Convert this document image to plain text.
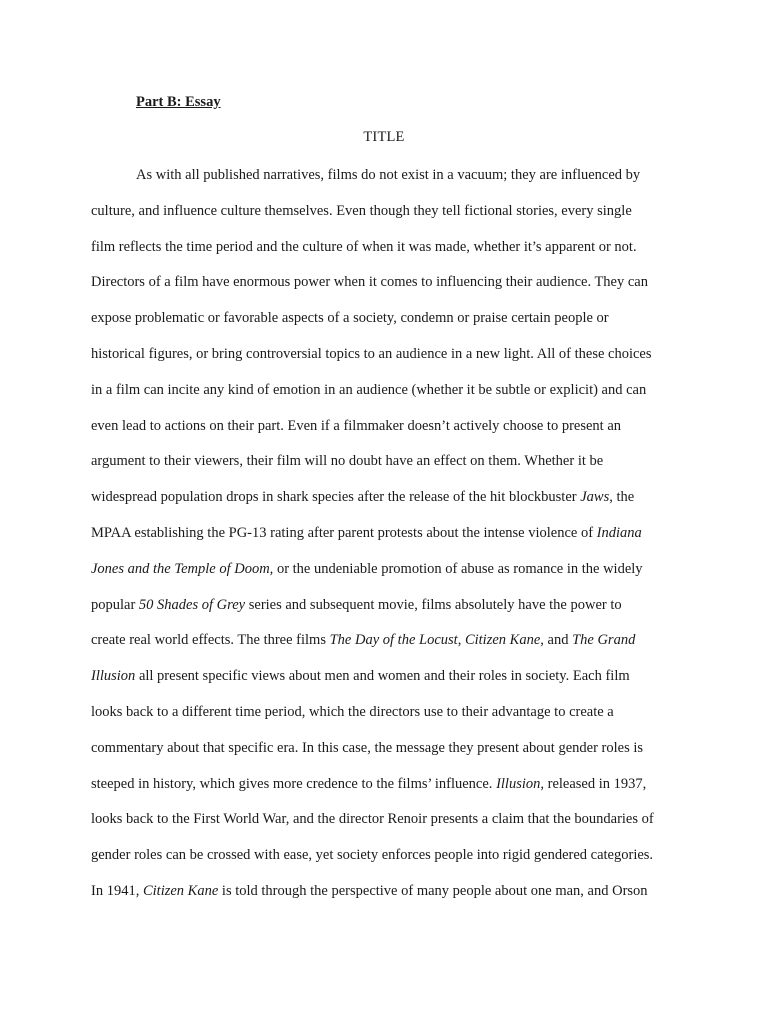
Part B: Essay
TITLE
As with all published narratives, films do not exist in a vacuum; they are influenced by
culture, and influence culture themselves. Even though they tell fictional stories, every single
film reflects the time period and the culture of when it was made, whether it’s apparent or not.
Directors of a film have enormous power when it comes to influencing their audience. They can
expose problematic or favorable aspects of a society, condemn or praise certain people or
historical figures, or bring controversial topics to an audience in a new light. All of these choices
in a film can incite any kind of emotion in an audience (whether it be subtle or explicit) and can
even lead to actions on their part. Even if a filmmaker doesn’t actively choose to present an
argument to their viewers, their film will no doubt have an effect on them. Whether it be
widespread population drops in shark species after the release of the hit blockbuster Jaws, the
MPAA establishing the PG-13 rating after parent protests about the intense violence of Indiana
Jones and the Temple of Doom, or the undeniable promotion of abuse as romance in the widely
popular 50 Shades of Grey series and subsequent movie, films absolutely have the power to
create real world effects. The three films The Day of the Locust, Citizen Kane, and The Grand
Illusion all present specific views about men and women and their roles in society. Each film
looks back to a different time period, which the directors use to their advantage to create a
commentary about that specific era. In this case, the message they present about gender roles is
steeped in history, which gives more credence to the films’ influence. Illusion, released in 1937,
looks back to the First World War, and the director Renoir presents a claim that the boundaries of
gender roles can be crossed with ease, yet society enforces people into rigid gendered categories.
In 1941, Citizen Kane is told through the perspective of many people about one man, and Orson
